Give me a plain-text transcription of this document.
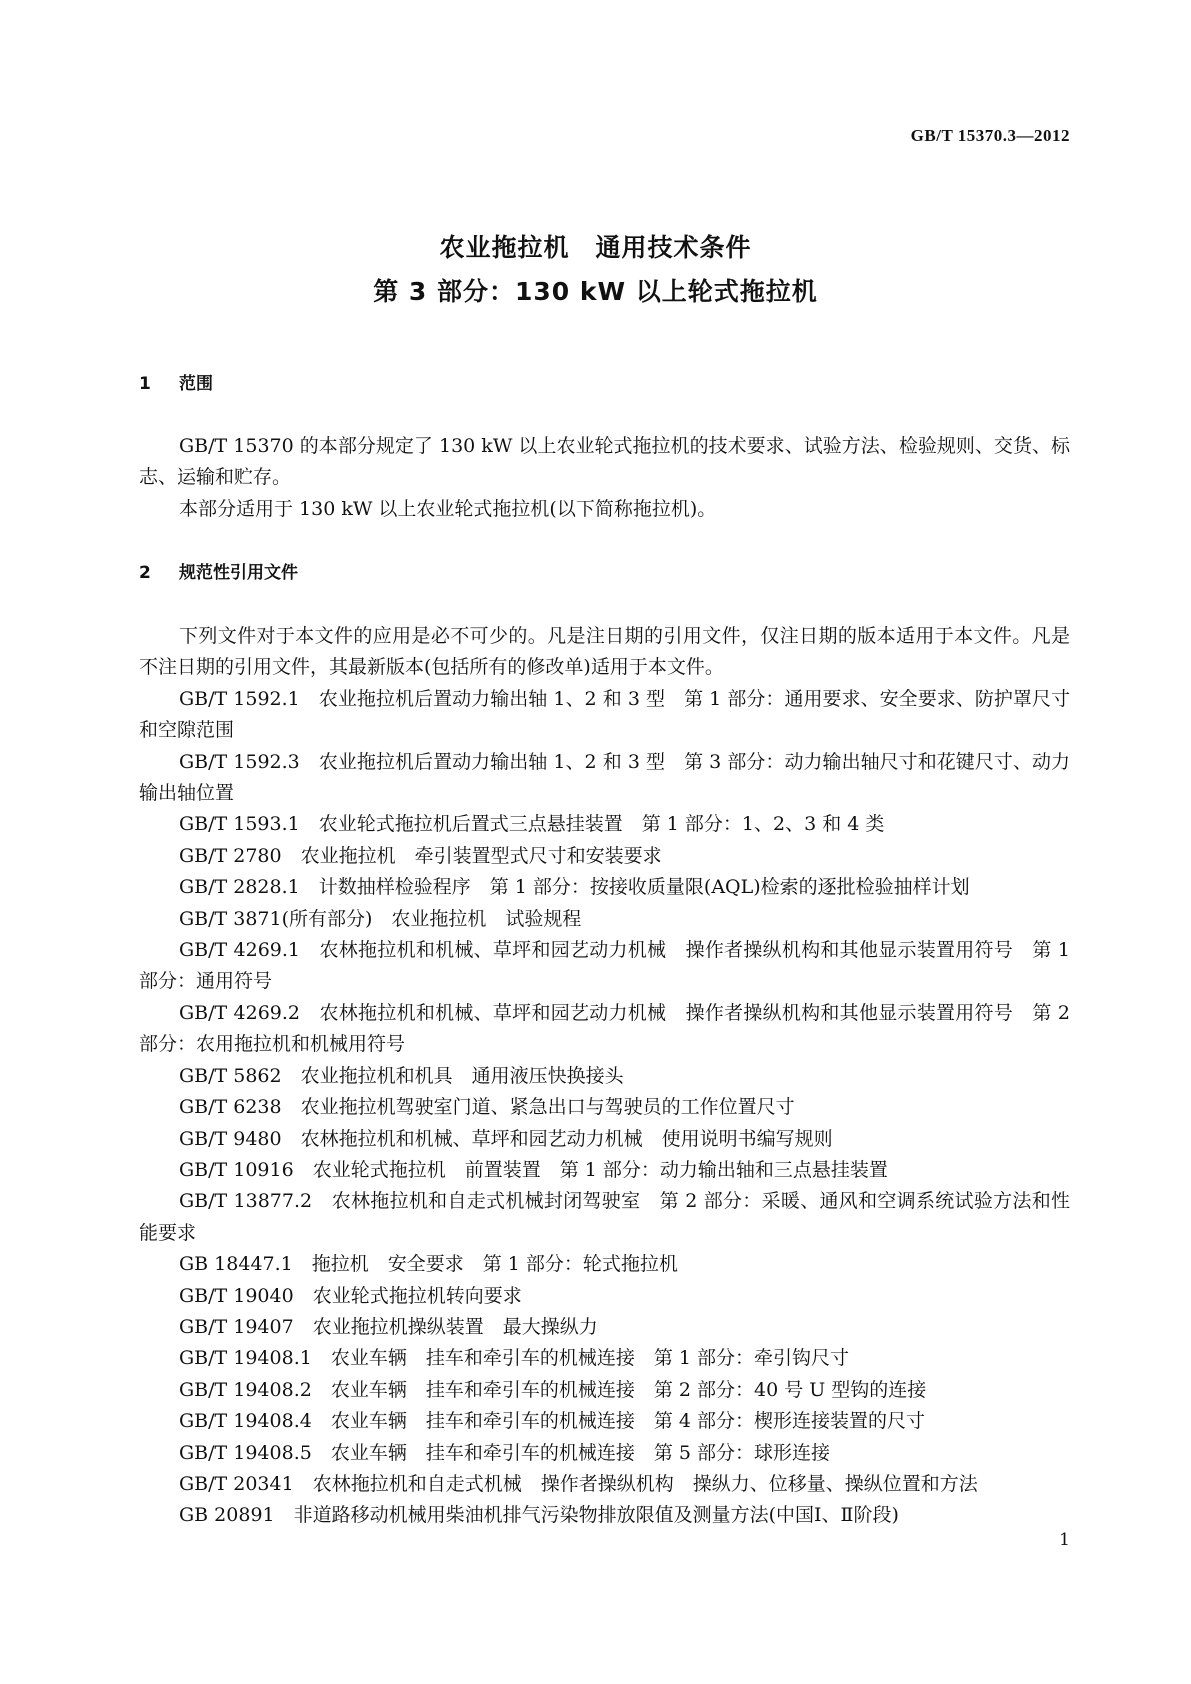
GB/T 15370.3—2012
农业拖拉机　通用技术条件
第 3 部分：130 kW 以上轮式拖拉机
1 范围

GB/T 15370 的本部分规定了 130 kW 以上农业轮式拖拉机的技术要求、试验方法、检验规则、交货、标志、运输和贮存。

本部分适用于 130 kW 以上农业轮式拖拉机(以下简称拖拉机)。

2 规范性引用文件

下列文件对于本文件的应用是必不可少的。凡是注日期的引用文件，仅注日期的版本适用于本文件。凡是不注日期的引用文件，其最新版本(包括所有的修改单)适用于本文件。

GB/T 1592.1　农业拖拉机后置动力输出轴 1、2 和 3 型　第 1 部分：通用要求、安全要求、防护罩尺寸和空隙范围

GB/T 1592.3　农业拖拉机后置动力输出轴 1、2 和 3 型　第 3 部分：动力输出轴尺寸和花键尺寸、动力输出轴位置

GB/T 1593.1　农业轮式拖拉机后置式三点悬挂装置　第 1 部分：1、2、3 和 4 类

GB/T 2780　农业拖拉机　牵引装置型式尺寸和安装要求

GB/T 2828.1　计数抽样检验程序　第 1 部分：按接收质量限(AQL)检索的逐批检验抽样计划

GB/T 3871(所有部分)　农业拖拉机　试验规程

GB/T 4269.1　农林拖拉机和机械、草坪和园艺动力机械　操作者操纵机构和其他显示装置用符号　第 1 部分：通用符号

GB/T 4269.2　农林拖拉机和机械、草坪和园艺动力机械　操作者操纵机构和其他显示装置用符号　第 2 部分：农用拖拉机和机械用符号

GB/T 5862　农业拖拉机和机具　通用液压快换接头

GB/T 6238　农业拖拉机驾驶室门道、紧急出口与驾驶员的工作位置尺寸

GB/T 9480　农林拖拉机和机械、草坪和园艺动力机械　使用说明书编写规则

GB/T 10916　农业轮式拖拉机　前置装置　第 1 部分：动力输出轴和三点悬挂装置

GB/T 13877.2　农林拖拉机和自走式机械封闭驾驶室　第 2 部分：采暖、通风和空调系统试验方法和性能要求

GB 18447.1　拖拉机　安全要求　第 1 部分：轮式拖拉机

GB/T 19040　农业轮式拖拉机转向要求

GB/T 19407　农业拖拉机操纵装置　最大操纵力

GB/T 19408.1　农业车辆　挂车和牵引车的机械连接　第 1 部分：牵引钩尺寸

GB/T 19408.2　农业车辆　挂车和牵引车的机械连接　第 2 部分：40 号 U 型钩的连接

GB/T 19408.4　农业车辆　挂车和牵引车的机械连接　第 4 部分：楔形连接装置的尺寸

GB/T 19408.5　农业车辆　挂车和牵引车的机械连接　第 5 部分：球形连接

GB/T 20341　农林拖拉机和自走式机械　操作者操纵机构　操纵力、位移量、操纵位置和方法

GB 20891　非道路移动机械用柴油机排气污染物排放限值及测量方法(中国Ⅰ、Ⅱ阶段)

1
